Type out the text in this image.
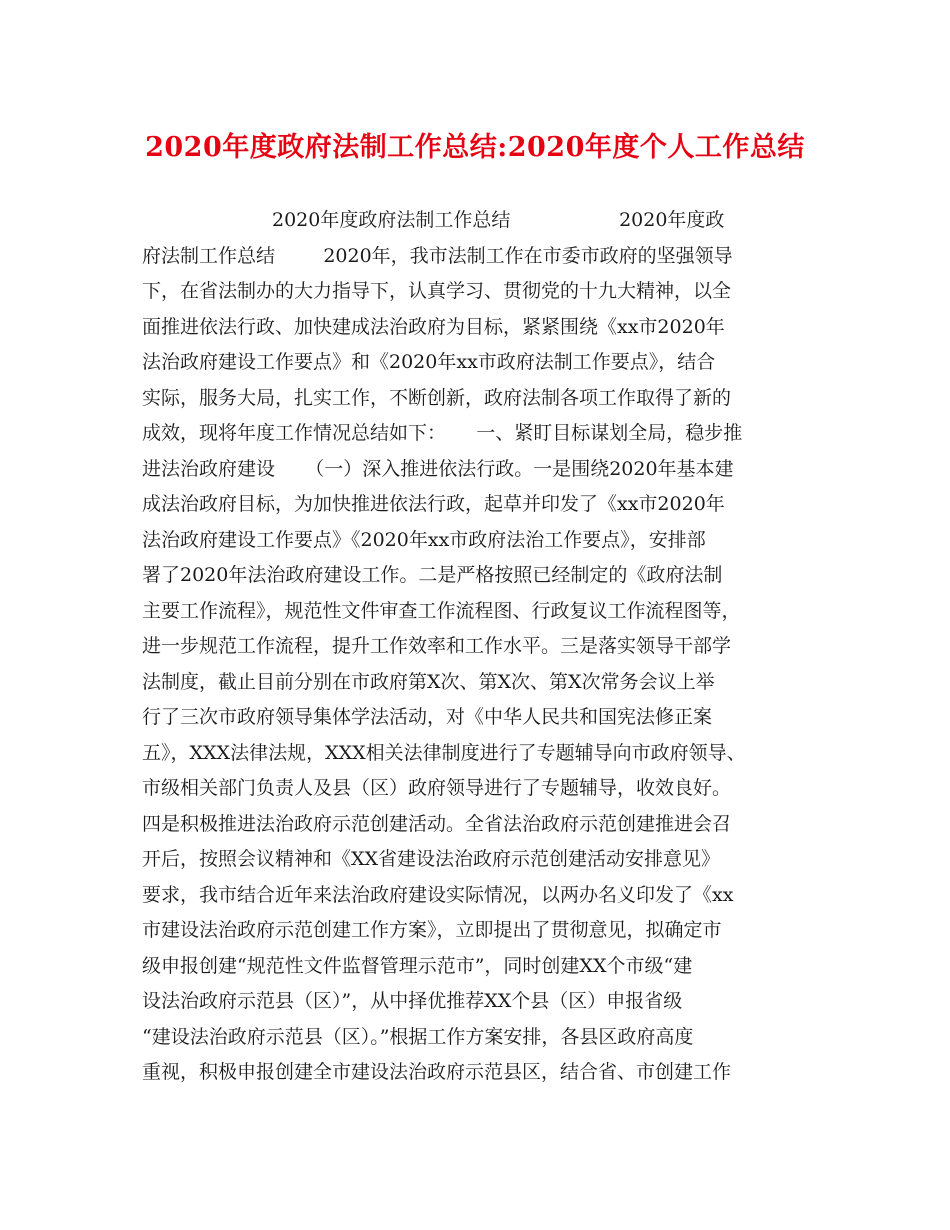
2020年度政府法制工作总结:2020年度个人工作总结
2020年度政府法制工作总结                  2020年度政
府法制工作总结        2020年，我市法制工作在市委市政府的坚强领导
下，在省法制办的大力指导下，认真学习、贯彻党的十九大精神，以全
面推进依法行政、加快建成法治政府为目标，紧紧围绕《xx市2020年
法治政府建设工作要点》和《2020年xx市政府法制工作要点》，结合
实际，服务大局，扎实工作，不断创新，政府法制各项工作取得了新的
成效，现将年度工作情况总结如下：     一、紧盯目标谋划全局，稳步推
进法治政府建设     （一）深入推进依法行政。一是围绕2020年基本建
成法治政府目标，为加快推进依法行政，起草并印发了《xx市2020年
法治政府建设工作要点》《2020年xx市政府法治工作要点》，安排部
署了2020年法治政府建设工作。二是严格按照已经制定的《政府法制
主要工作流程》，规范性文件审查工作流程图、行政复议工作流程图等，
进一步规范工作流程，提升工作效率和工作水平。三是落实领导干部学
法制度，截止目前分别在市政府第X次、第X次、第X次常务会议上举
行了三次市政府领导集体学法活动，对《中华人民共和国宪法修正案
五》，XXX法律法规，XXX相关法律制度进行了专题辅导向市政府领导、
市级相关部门负责人及县（区）政府领导进行了专题辅导，收效良好。
四是积极推进法治政府示范创建活动。全省法治政府示范创建推进会召
开后，按照会议精神和《XX省建设法治政府示范创建活动安排意见》
要求，我市结合近年来法治政府建设实际情况，以两办名义印发了《xx
市建设法治政府示范创建工作方案》，立即提出了贯彻意见，拟确定市
级申报创建“规范性文件监督管理示范市”，同时创建XX个市级“建
设法治政府示范县（区）”，从中择优推荐XX个县（区）申报省级
“建设法治政府示范县（区）。”根据工作方案安排，各县区政府高度
重视，积极申报创建全市建设法治政府示范县区，结合省、市创建工作
